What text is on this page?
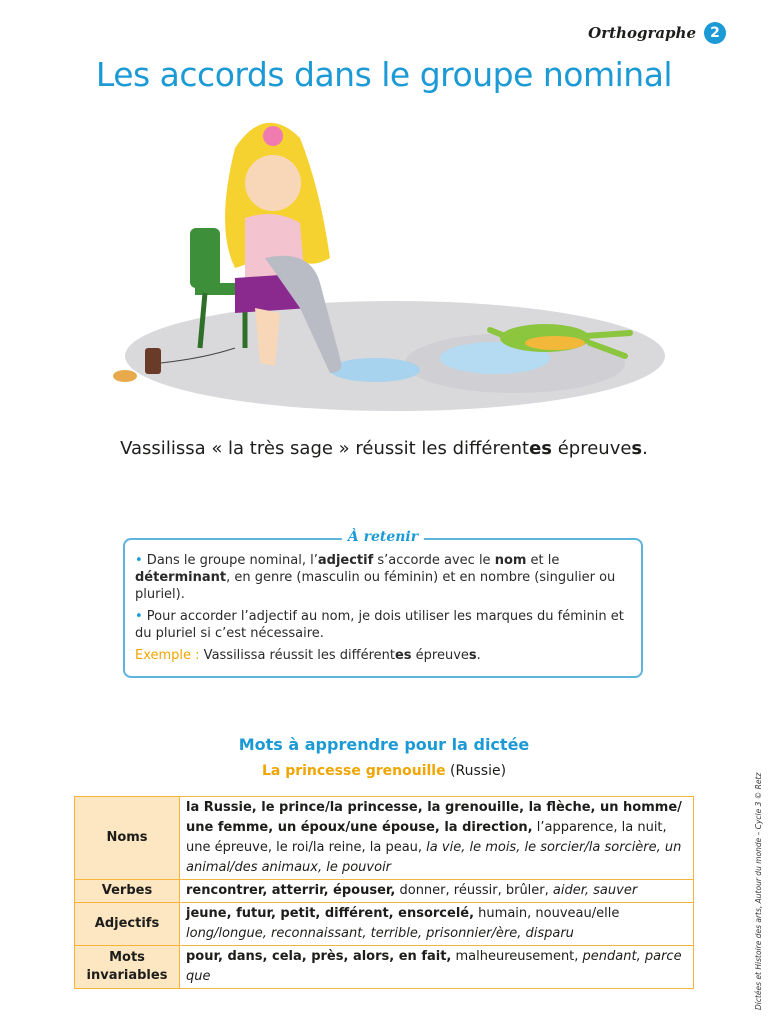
Orthographe	2
Les accords dans le groupe nominal
Vassilissa « la très sage » réussit les différentes épreuves.
À retenir

• Dans le groupe nominal, l’adjectif s’accorde avec le nom et le déterminant, en genre (masculin ou féminin) et en nombre (singulier ou pluriel).

• Pour accorder l’adjectif au nom, je dois utiliser les marques du féminin et du pluriel si c’est nécessaire.

Exemple : Vassilissa réussit les différentes épreuves.

Mots à apprendre pour la dictée
La princesse grenouille (Russie)
Noms	la Russie, le prince/la princesse, la grenouille, la flèche, un homme/ une femme, un époux/une épouse, la direction, l’apparence, la nuit, une épreuve, le roi/la reine, la peau, la vie, le mois, le sorcier/la sorcière, un animal/des animaux, le pouvoir
Verbes	rencontrer, atterrir, épouser, donner, réussir, brûler, aider, sauver
Adjectifs	jeune, futur, petit, différent, ensorcelé, humain, nouveau/elle long/longue, reconnaissant, terrible, prisonnier/ère, disparu
Mots invariables	pour, dans, cela, près, alors, en fait, malheureusement, pendant, parce que	Dictées et Histoire des arts, Autour du monde – Cycle 3 © Retz
